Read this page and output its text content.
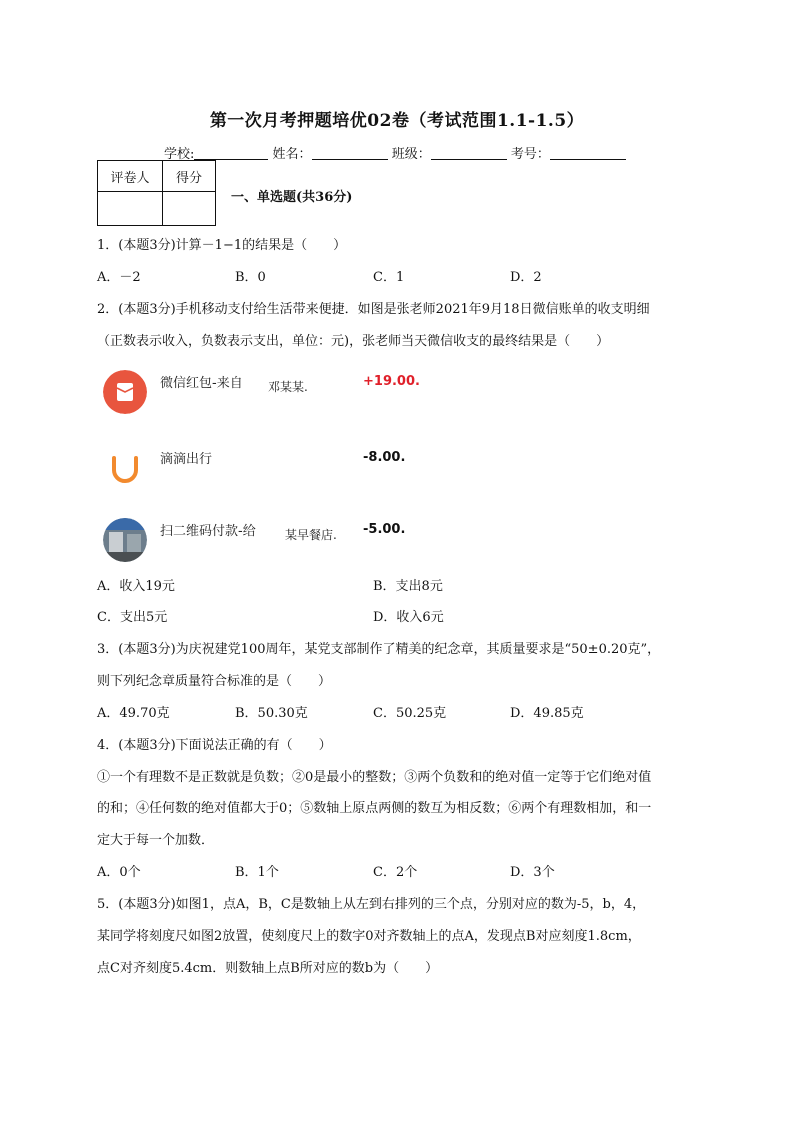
第一次月考押题培优02卷（考试范围1.1-1.5）
学校:	姓名：	班级：	考号：
评卷人	得分

一、单选题(共36分)
1．(本题3分)计算－1−1的结果是（　　）
A．－2	B．0	C．1	D．2
2．(本题3分)手机移动支付给生活带来便捷．如图是张老师2021年9月18日微信账单的收支明细
（正数表示收入，负数表示支出，单位：元)，张老师当天微信收支的最终结果是（　　）
微信红包-来自 邓某某.	+19.00.
滴滴出行	-8.00.
扫二维码付款-给 某早餐店. -5.00.
A．收入19元	B．支出8元
C．支出5元	D．收入6元
3．(本题3分)为庆祝建党100周年，某党支部制作了精美的纪念章，其质量要求是“50±0.20克”，
则下列纪念章质量符合标准的是（　　）
A．49.70克	B．50.30克	C．50.25克	D．49.85克
4．(本题3分)下面说法正确的有（　　）
①一个有理数不是正数就是负数；②0是最小的整数；③两个负数和的绝对值一定等于它们绝对值
的和；④任何数的绝对值都大于0；⑤数轴上原点两侧的数互为相反数；⑥两个有理数相加，和一
定大于每一个加数．
A．0个	B．1个	C．2个	D．3个
5．(本题3分)如图1，点A，B，C是数轴上从左到右排列的三个点，分别对应的数为-5，b，4，
某同学将刻度尺如图2放置，使刻度尺上的数字0对齐数轴上的点A，发现点B对应刻度1.8cm，
点C对齐刻度5.4cm．则数轴上点B所对应的数b为（　　）
